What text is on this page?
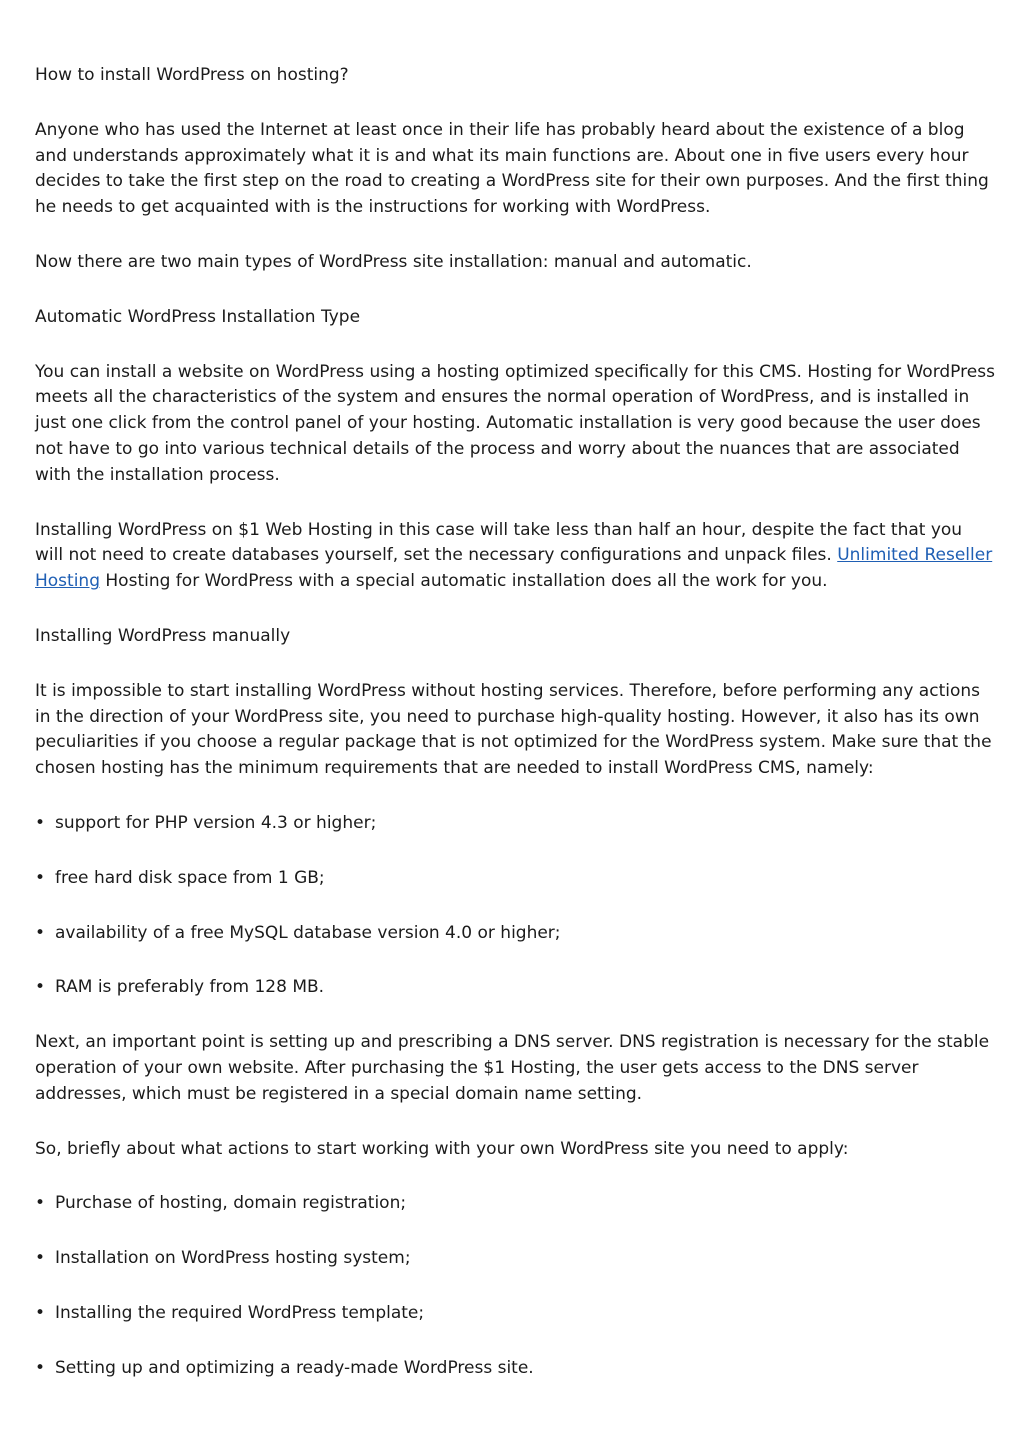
How to install WordPress on hosting?

Anyone who has used the Internet at least once in their life has probably heard about the existence of a blog and understands approximately what it is and what its main functions are. About one in five users every hour decides to take the first step on the road to creating a WordPress site for their own purposes. And the first thing he needs to get acquainted with is the instructions for working with WordPress.

Now there are two main types of WordPress site installation: manual and automatic.

Automatic WordPress Installation Type

You can install a website on WordPress using a hosting optimized specifically for this CMS. Hosting for WordPress meets all the characteristics of the system and ensures the normal operation of WordPress, and is installed in just one click from the control panel of your hosting. Automatic installation is very good because the user does not have to go into various technical details of the process and worry about the nuances that are associated with the installation process.

Installing WordPress on $1 Web Hosting in this case will take less than half an hour, despite the fact that you will not need to create databases yourself, set the necessary configurations and unpack files. Unlimited Reseller Hosting Hosting for WordPress with a special automatic installation does all the work for you.

Installing WordPress manually

It is impossible to start installing WordPress without hosting services. Therefore, before performing any actions in the direction of your WordPress site, you need to purchase high-quality hosting. However, it also has its own peculiarities if you choose a regular package that is not optimized for the WordPress system. Make sure that the chosen hosting has the minimum requirements that are needed to install WordPress CMS, namely:

• support for PHP version 4.3 or higher;

• free hard disk space from 1 GB;

• availability of a free MySQL database version 4.0 or higher;

• RAM is preferably from 128 MB.

Next, an important point is setting up and prescribing a DNS server. DNS registration is necessary for the stable operation of your own website. After purchasing the $1 Hosting, the user gets access to the DNS server addresses, which must be registered in a special domain name setting.

So, briefly about what actions to start working with your own WordPress site you need to apply:

• Purchase of hosting, domain registration;

• Installation on WordPress hosting system;

• Installing the required WordPress template;

• Setting up and optimizing a ready-made WordPress site.
